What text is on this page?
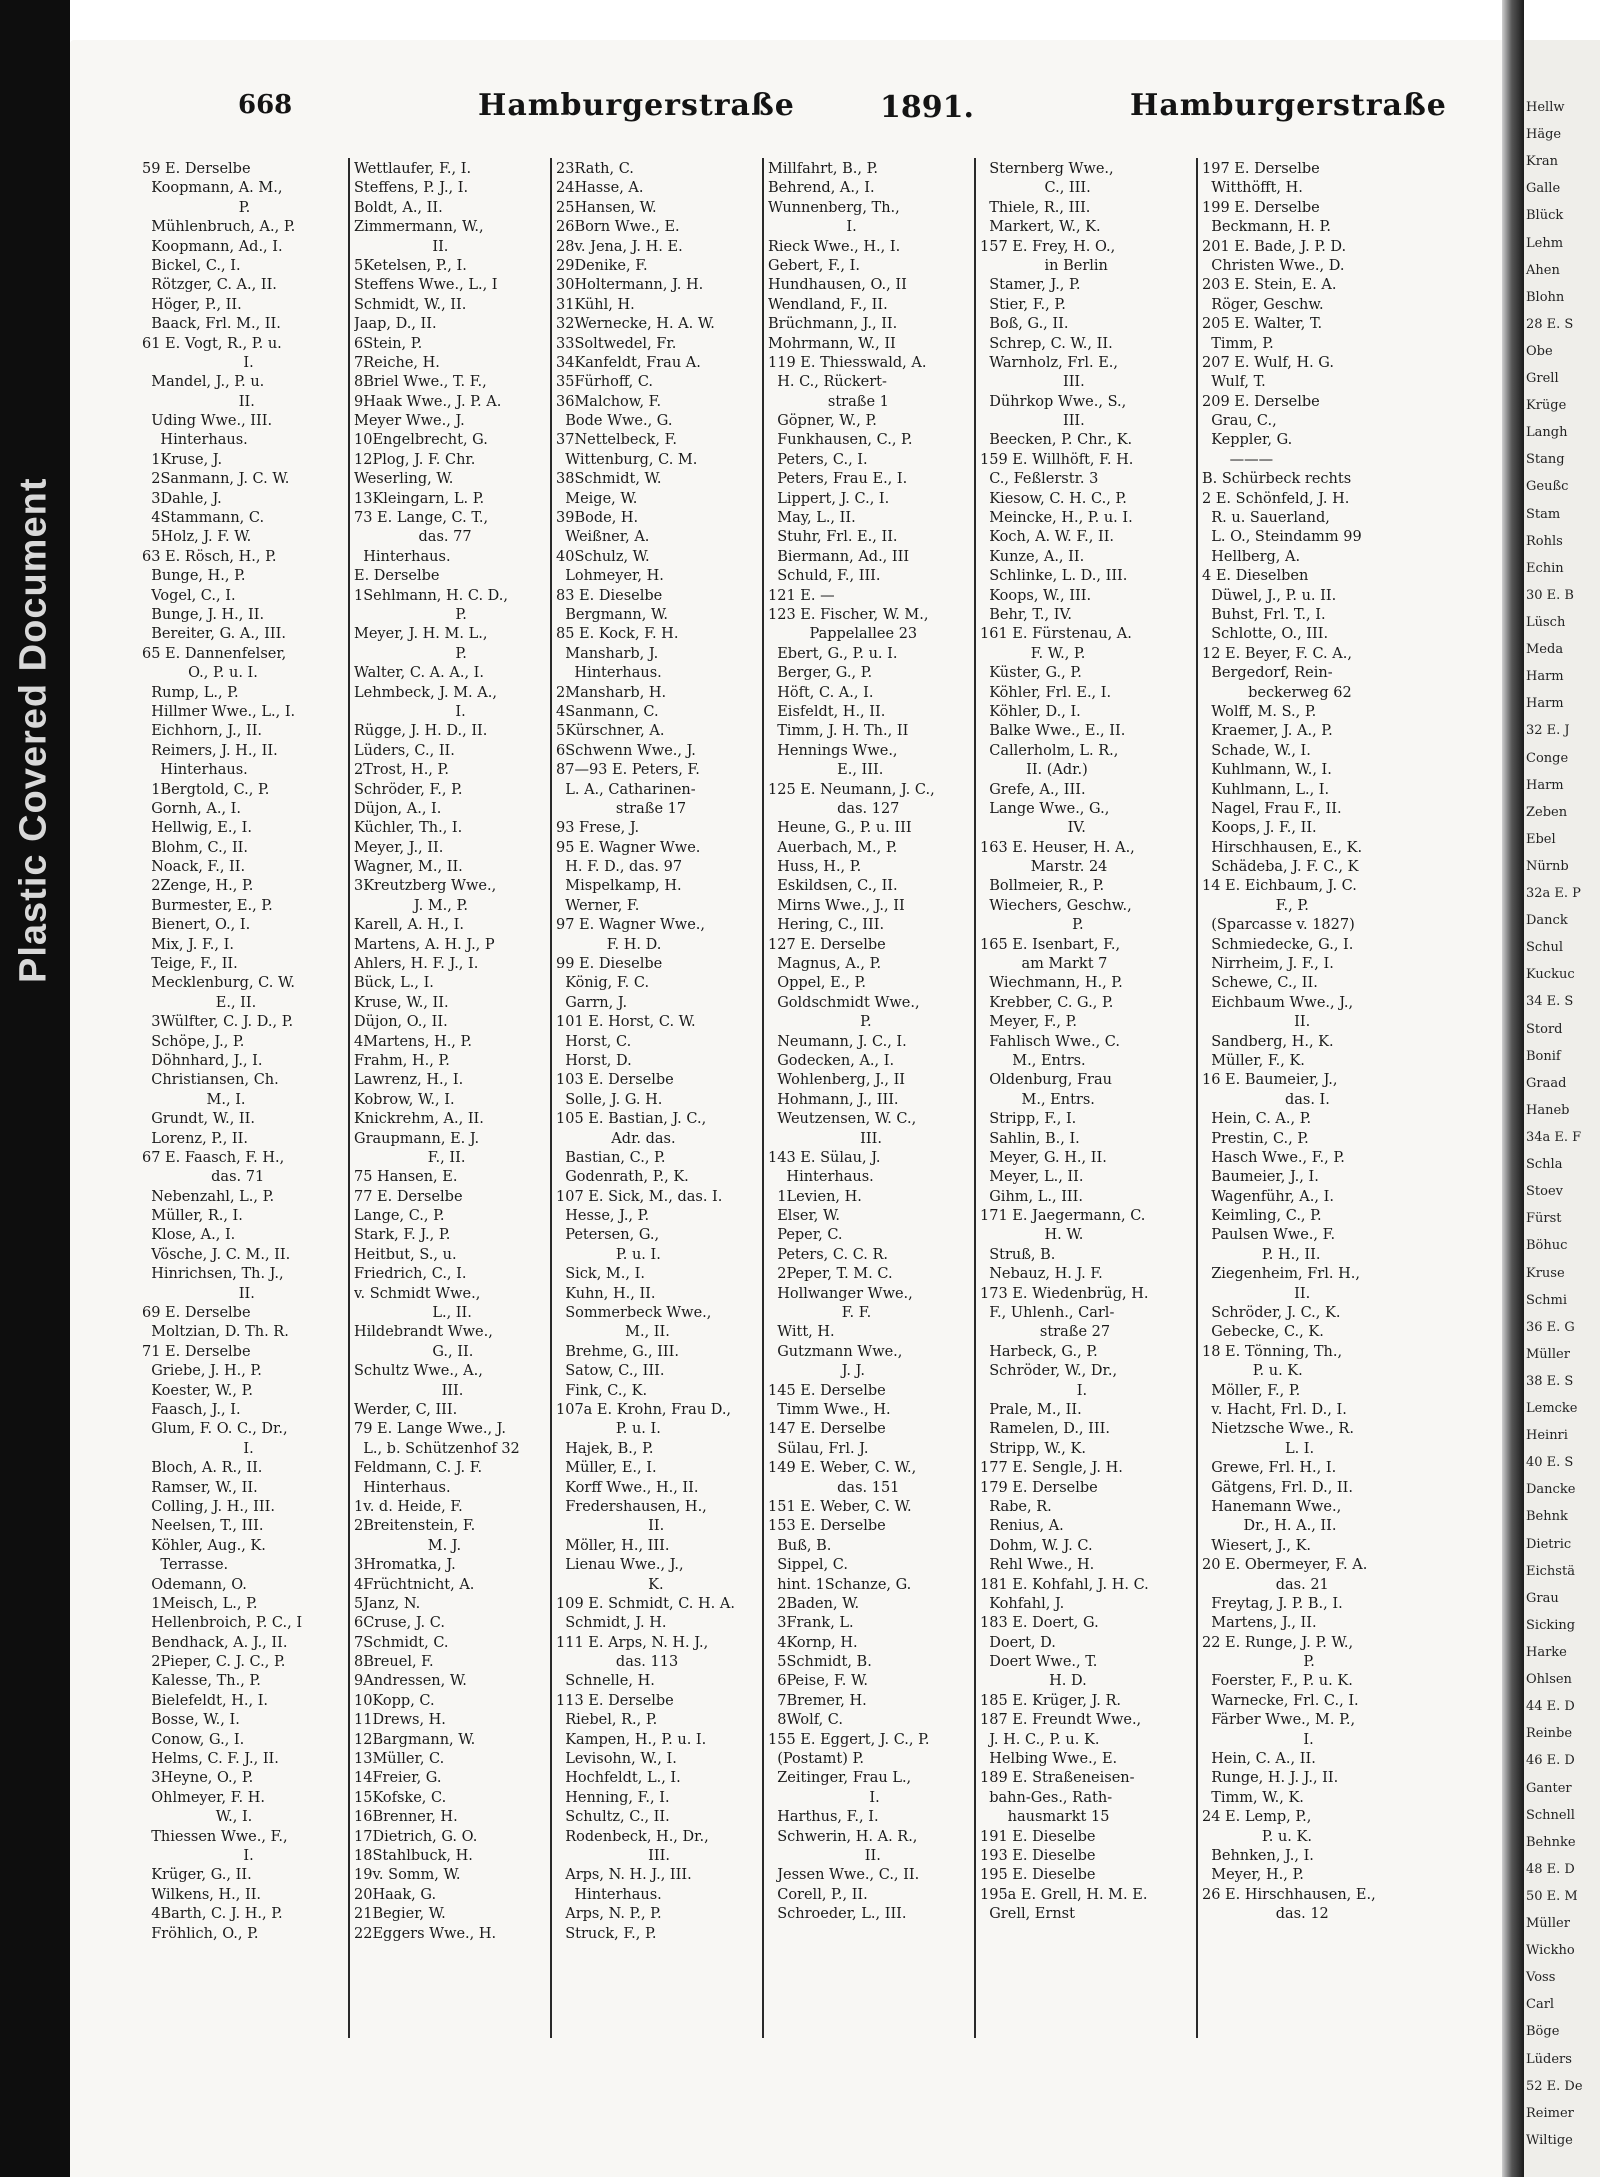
Plastic Covered Document
668	Hamburgerstraße	1891.	Hamburgerstraße
59 E. Derselbe
Koopmann, A. M.,
P.
Mühlenbruch, A., P.
Koopmann, Ad., I.
Bickel, C., I.
Rötzger, C. A., II.
Höger, P., II.
Baack, Frl. M., II.
61 E. Vogt, R., P. u.
I.
Mandel, J., P. u.
II.
Uding Wwe., III.
Hinterhaus.
1Kruse, J.
2Sanmann, J. C. W.
3Dahle, J.
4Stammann, C.
5Holz, J. F. W.
63 E. Rösch, H., P.
Bunge, H., P.
Vogel, C., I.
Bunge, J. H., II.
Bereiter, G. A., III.
65 E. Dannenfelser,
O., P. u. I.
Rump, L., P.
Hillmer Wwe., L., I.
Eichhorn, J., II.
Reimers, J. H., II.
Hinterhaus.
1Bergtold, C., P.
Gornh, A., I.
Hellwig, E., I.
Blohm, C., II.
Noack, F., II.
2Zenge, H., P.
Burmester, E., P.
Bienert, O., I.
Mix, J. F., I.
Teige, F., II.
Mecklenburg, C. W.
E., II.
3Wülfter, C. J. D., P.
Schöpe, J., P.
Döhnhard, J., I.
Christiansen, Ch.
M., I.
Grundt, W., II.
Lorenz, P., II.
67 E. Faasch, F. H.,
das. 71
Nebenzahl, L., P.
Müller, R., I.
Klose, A., I.
Vösche, J. C. M., II.
Hinrichsen, Th. J.,
II.
69 E. Derselbe
Moltzian, D. Th. R.
71 E. Derselbe
Griebe, J. H., P.
Koester, W., P.
Faasch, J., I.
Glum, F. O. C., Dr.,
I.
Bloch, A. R., II.
Ramser, W., II.
Colling, J. H., III.
Neelsen, T., III.
Köhler, Aug., K.
Terrasse.
Odemann, O.
1Meisch, L., P.
Hellenbroich, P. C., I
Bendhack, A. J., II.
2Pieper, C. J. C., P.
Kalesse, Th., P.
Bielefeldt, H., I.
Bosse, W., I.
Conow, G., I.
Helms, C. F. J., II.
3Heyne, O., P.
Ohlmeyer, F. H.
W., I.
Thiessen Wwe., F.,
I.
Krüger, G., II.
Wilkens, H., II.
4Barth, C. J. H., P.
Fröhlich, O., P.
Wettlaufer, F., I.
Steffens, P. J., I.
Boldt, A., II.
Zimmermann, W.,
II.
5Ketelsen, P., I.
Steffens Wwe., L., I
Schmidt, W., II.
Jaap, D., II.
6Stein, P.
7Reiche, H.
8Briel Wwe., T. F.,
9Haak Wwe., J. P. A.
Meyer Wwe., J.
10Engelbrecht, G.
12Plog, J. F. Chr.
Weserling, W.
13Kleingarn, L. P.
73 E. Lange, C. T.,
das. 77
Hinterhaus.
E. Derselbe
1Sehlmann, H. C. D.,
P.
Meyer, J. H. M. L.,
P.
Walter, C. A. A., I.
Lehmbeck, J. M. A.,
I.
Rügge, J. H. D., II.
Lüders, C., II.
2Trost, H., P.
Schröder, F., P.
Düjon, A., I.
Küchler, Th., I.
Meyer, J., II.
Wagner, M., II.
3Kreutzberg Wwe.,
J. M., P.
Karell, A. H., I.
Martens, A. H. J., P
Ahlers, H. F. J., I.
Bück, L., I.
Kruse, W., II.
Düjon, O., II.
4Martens, H., P.
Frahm, H., P.
Lawrenz, H., I.
Kobrow, W., I.
Knickrehm, A., II.
Graupmann, E. J.
F., II.
75 Hansen, E.
77 E. Derselbe
Lange, C., P.
Stark, F. J., P.
Heitbut, S., u.
Friedrich, C., I.
v. Schmidt Wwe.,
L., II.
Hildebrandt Wwe.,
G., II.
Schultz Wwe., A.,
III.
Werder, C, III.
79 E. Lange Wwe., J.
L., b. Schützenhof 32
Feldmann, C. J. F.
Hinterhaus.
1v. d. Heide, F.
2Breitenstein, F.
M. J.
3Hromatka, J.
4Früchtnicht, A.
5Janz, N.
6Cruse, J. C.
7Schmidt, C.
8Breuel, F.
9Andressen, W.
10Kopp, C.
11Drews, H.
12Bargmann, W.
13Müller, C.
14Freier, G.
15Kofske, C.
16Brenner, H.
17Dietrich, G. O.
18Stahlbuck, H.
19v. Somm, W.
20Haak, G.
21Begier, W.
22Eggers Wwe., H.
23Rath, C.
24Hasse, A.
25Hansen, W.
26Born Wwe., E.
28v. Jena, J. H. E.
29Denike, F.
30Holtermann, J. H.
31Kühl, H.
32Wernecke, H. A. W.
33Soltwedel, Fr.
34Kanfeldt, Frau A.
35Fürhoff, C.
36Malchow, F.
Bode Wwe., G.
37Nettelbeck, F.
Wittenburg, C. M.
38Schmidt, W.
Meige, W.
39Bode, H.
Weißner, A.
40Schulz, W.
Lohmeyer, H.
83 E. Dieselbe
Bergmann, W.
85 E. Kock, F. H.
Mansharb, J.
Hinterhaus.
2Mansharb, H.
4Sanmann, C.
5Kürschner, A.
6Schwenn Wwe., J.
87—93 E. Peters, F.
L. A., Catharinen-
straße 17
93 Frese, J.
95 E. Wagner Wwe.
H. F. D., das. 97
Mispelkamp, H.
Werner, F.
97 E. Wagner Wwe.,
F. H. D.
99 E. Dieselbe
König, F. C.
Garrn, J.
101 E. Horst, C. W.
Horst, C.
Horst, D.
103 E. Derselbe
Solle, J. G. H.
105 E. Bastian, J. C.,
Adr. das.
Bastian, C., P.
Godenrath, P., K.
107 E. Sick, M., das. I.
Hesse, J., P.
Petersen, G.,
P. u. I.
Sick, M., I.
Kuhn, H., II.
Sommerbeck Wwe.,
M., II.
Brehme, G., III.
Satow, C., III.
Fink, C., K.
107a E. Krohn, Frau D.,
P. u. I.
Hajek, B., P.
Müller, E., I.
Korff Wwe., H., II.
Fredershausen, H.,
II.
Möller, H., III.
Lienau Wwe., J.,
K.
109 E. Schmidt, C. H. A.
Schmidt, J. H.
111 E. Arps, N. H. J.,
das. 113
Schnelle, H.
113 E. Derselbe
Riebel, R., P.
Kampen, H., P. u. I.
Levisohn, W., I.
Hochfeldt, L., I.
Henning, F., I.
Schultz, C., II.
Rodenbeck, H., Dr.,
III.
Arps, N. H. J., III.
Hinterhaus.
Arps, N. P., P.
Struck, F., P.
Millfahrt, B., P.
Behrend, A., I.
Wunnenberg, Th.,
I.
Rieck Wwe., H., I.
Gebert, F., I.
Hundhausen, O., II
Wendland, F., II.
Brüchmann, J., II.
Mohrmann, W., II
119 E. Thiesswald, A.
H. C., Rückert-
straße 1
Göpner, W., P.
Funkhausen, C., P.
Peters, C., I.
Peters, Frau E., I.
Lippert, J. C., I.
May, L., II.
Stuhr, Frl. E., II.
Biermann, Ad., III
Schuld, F., III.
121 E. —
123 E. Fischer, W. M.,
Pappelallee 23
Ebert, G., P. u. I.
Berger, G., P.
Höft, C. A., I.
Eisfeldt, H., II.
Timm, J. H. Th., II
Hennings Wwe.,
E., III.
125 E. Neumann, J. C.,
das. 127
Heune, G., P. u. III
Auerbach, M., P.
Huss, H., P.
Eskildsen, C., II.
Mirns Wwe., J., II
Hering, C., III.
127 E. Derselbe
Magnus, A., P.
Oppel, E., P.
Goldschmidt Wwe.,
P.
Neumann, J. C., I.
Godecken, A., I.
Wohlenberg, J., II
Hohmann, J., III.
Weutzensen, W. C.,
III.
143 E. Sülau, J.
Hinterhaus.
1Levien, H.
Elser, W.
Peper, C.
Peters, C. C. R.
2Peper, T. M. C.
Hollwanger Wwe.,
F. F.
Witt, H.
Gutzmann Wwe.,
J. J.
145 E. Derselbe
Timm Wwe., H.
147 E. Derselbe
Sülau, Frl. J.
149 E. Weber, C. W.,
das. 151
151 E. Weber, C. W.
153 E. Derselbe
Buß, B.
Sippel, C.
hint. 1Schanze, G.
2Baden, W.
3Frank, L.
4Kornp, H.
5Schmidt, B.
6Peise, F. W.
7Bremer, H.
8Wolf, C.
155 E. Eggert, J. C., P.
(Postamt) P.
Zeitinger, Frau L.,
I.
Harthus, F., I.
Schwerin, H. A. R.,
II.
Jessen Wwe., C., II.
Corell, P., II.
Schroeder, L., III.
Sternberg Wwe.,
C., III.
Thiele, R., III.
Markert, W., K.
157 E. Frey, H. O.,
in Berlin
Stamer, J., P.
Stier, F., P.
Boß, G., II.
Schrep, C. W., II.
Warnholz, Frl. E.,
III.
Dührkop Wwe., S.,
III.
Beecken, P. Chr., K.
159 E. Willhöft, F. H.
C., Feßlerstr. 3
Kiesow, C. H. C., P.
Meincke, H., P. u. I.
Koch, A. W. F., II.
Kunze, A., II.
Schlinke, L. D., III.
Koops, W., III.
Behr, T., IV.
161 E. Fürstenau, A.
F. W., P.
Küster, G., P.
Köhler, Frl. E., I.
Köhler, D., I.
Balke Wwe., E., II.
Callerholm, L. R.,
II. (Adr.)
Grefe, A., III.
Lange Wwe., G.,
IV.
163 E. Heuser, H. A.,
Marstr. 24
Bollmeier, R., P.
Wiechers, Geschw.,
P.
165 E. Isenbart, F.,
am Markt 7
Wiechmann, H., P.
Krebber, C. G., P.
Meyer, F., P.
Fahlisch Wwe., C.
M., Entrs.
Oldenburg, Frau
M., Entrs.
Stripp, F., I.
Sahlin, B., I.
Meyer, G. H., II.
Meyer, L., II.
Gihm, L., III.
171 E. Jaegermann, C.
H. W.
Struß, B.
Nebauz, H. J. F.
173 E. Wiedenbrüg, H.
F., Uhlenh., Carl-
straße 27
Harbeck, G., P.
Schröder, W., Dr.,
I.
Prale, M., II.
Ramelen, D., III.
Stripp, W., K.
177 E. Sengle, J. H.
179 E. Derselbe
Rabe, R.
Renius, A.
Dohm, W. J. C.
Rehl Wwe., H.
181 E. Kohfahl, J. H. C.
Kohfahl, J.
183 E. Doert, G.
Doert, D.
Doert Wwe., T.
H. D.
185 E. Krüger, J. R.
187 E. Freundt Wwe.,
J. H. C., P. u. K.
Helbing Wwe., E.
189 E. Straßeneisen-
bahn-Ges., Rath-
hausmarkt 15
191 E. Dieselbe
193 E. Dieselbe
195 E. Dieselbe
195a E. Grell, H. M. E.
Grell, Ernst
197 E. Derselbe
Witthöfft, H.
199 E. Derselbe
Beckmann, H. P.
201 E. Bade, J. P. D.
Christen Wwe., D.
203 E. Stein, E. A.
Röger, Geschw.
205 E. Walter, T.
Timm, P.
207 E. Wulf, H. G.
Wulf, T.
209 E. Derselbe
Grau, C.,
Keppler, G.
———
B. Schürbeck rechts
2 E. Schönfeld, J. H.
R. u. Sauerland,
L. O., Steindamm 99
Hellberg, A.
4 E. Dieselben
Düwel, J., P. u. II.
Buhst, Frl. T., I.
Schlotte, O., III.
12 E. Beyer, F. C. A.,
Bergedorf, Rein-
beckerweg 62
Wolff, M. S., P.
Kraemer, J. A., P.
Schade, W., I.
Kuhlmann, W., I.
Kuhlmann, L., I.
Nagel, Frau F., II.
Koops, J. F., II.
Hirschhausen, E., K.
Schädeba, J. F. C., K
14 E. Eichbaum, J. C.
F., P.
(Sparcasse v. 1827)
Schmiedecke, G., I.
Nirrheim, J. F., I.
Schewe, C., II.
Eichbaum Wwe., J.,
II.
Sandberg, H., K.
Müller, F., K.
16 E. Baumeier, J.,
das. I.
Hein, C. A., P.
Prestin, C., P.
Hasch Wwe., F., P.
Baumeier, J., I.
Wagenführ, A., I.
Keimling, C., P.
Paulsen Wwe., F.
P. H., II.
Ziegenheim, Frl. H.,
II.
Schröder, J. C., K.
Gebecke, C., K.
18 E. Tönning, Th.,
P. u. K.
Möller, F., P.
v. Hacht, Frl. D., I.
Nietzsche Wwe., R.
L. I.
Grewe, Frl. H., I.
Gätgens, Frl. D., II.
Hanemann Wwe.,
Dr., H. A., II.
Wiesert, J., K.
20 E. Obermeyer, F. A.
das. 21
Freytag, J. P. B., I.
Martens, J., II.
22 E. Runge, J. P. W.,
P.
Foerster, F., P. u. K.
Warnecke, Frl. C., I.
Färber Wwe., M. P.,
I.
Hein, C. A., II.
Runge, H. J. J., II.
Timm, W., K.
24 E. Lemp, P.,
P. u. K.
Behnken, J., I.
Meyer, H., P.
26 E. Hirschhausen, E.,
das. 12
Hellw
Häge
Kran
Galle
Blück
Lehm
Ahen
Blohn
28 E. S
Obe
Grell
Krüge
Langh
Stang
Geußc
Stam
Rohls
Echin
30 E. B
Lüsch
Meda
Harm
Harm
32 E. J
Conge
Harm
Zeben
Ebel
Nürnb
32a E. P
Danck
Schul
Kuckuc
34 E. S
Stord
Bonif
Graad
Haneb
34a E. F
Schla
Stoev
Fürst
Böhuc
Kruse
Schmi
36 E. G
Müller
38 E. S
Lemcke
Heinri
40 E. S
Dancke
Behnk
Dietric
Eichstä
Grau
Sicking
Harke
Ohlsen
44 E. D
Reinbe
46 E. D
Ganter
Schnell
Behnke
48 E. D
50 E. M
Müller
Wickho
Voss
Carl
Böge
Lüders
52 E. De
Reimer
Wiltige
